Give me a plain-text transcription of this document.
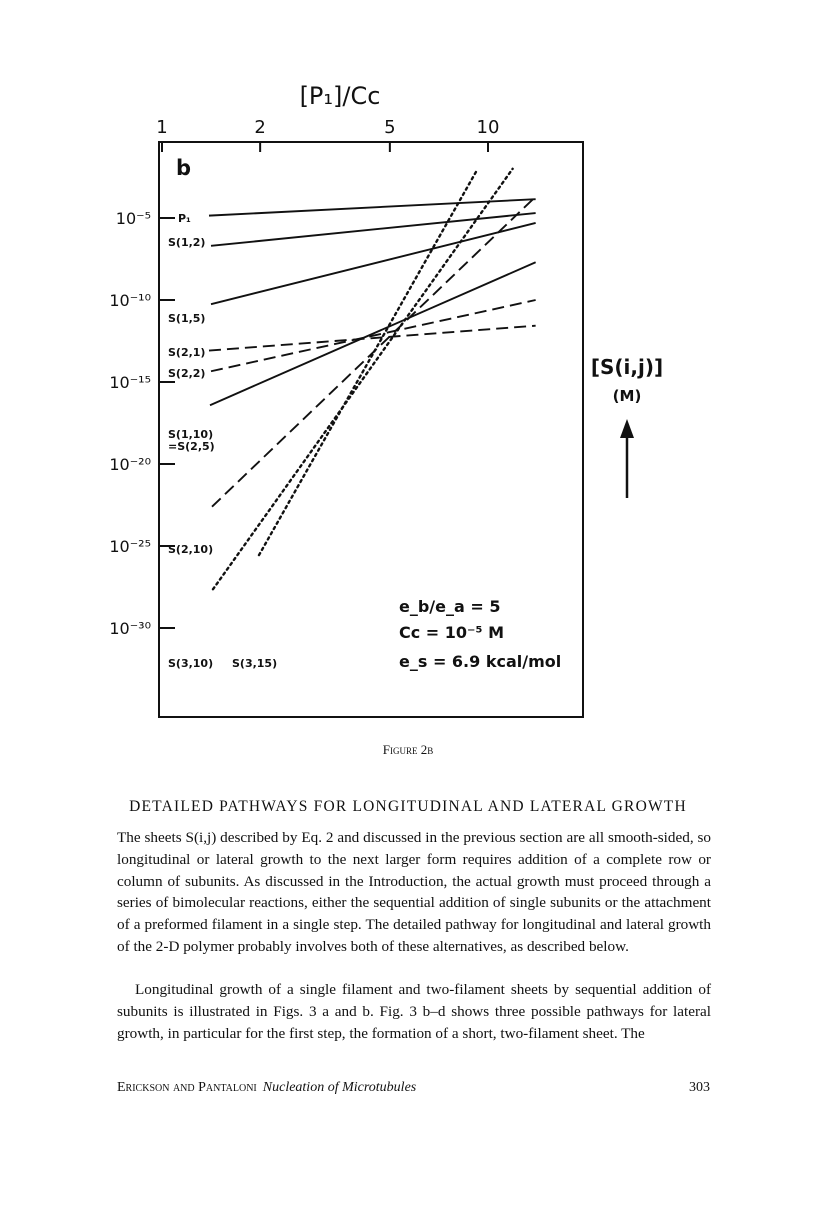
[P₁]/Cc
b
1	2	5	10
10⁻⁵
10⁻¹⁰
10⁻¹⁵
10⁻²⁰
10⁻²⁵
10⁻³⁰
P₁
S(1,2)
S(1,5)
S(2,1)
S(2,2)
S(1,10)
=S(2,5)
S(2,10)
S(3,10) S(3,15)
e_b/e_a = 5
Cc = 10⁻⁵ M
e_s = 6.9 kcal/mol
[S(i,j)]
(M)
Figure 2b
DETAILED PATHWAYS FOR LONGITUDINAL AND LATERAL GROWTH

The sheets S(i,j) described by Eq. 2 and discussed in the previous section are all smooth-sided, so longitudinal or lateral growth to the next larger form requires addition of a complete row or column of subunits. As discussed in the Introduction, the actual growth must proceed through a series of bimolecular reactions, either the sequential addition of single subunits or the attachment of a preformed filament in a single step. The detailed pathway for longitudinal and lateral growth of the 2-D polymer probably involves both of these alternatives, as described below.

Longitudinal growth of a single filament and two-filament sheets by sequential addition of subunits is illustrated in Figs. 3 a and b. Fig. 3 b–d shows three possible pathways for lateral growth, in particular for the first step, the formation of a short, two-filament sheet. The

Erickson and Pantaloni Nucleation of Microtubules	303
